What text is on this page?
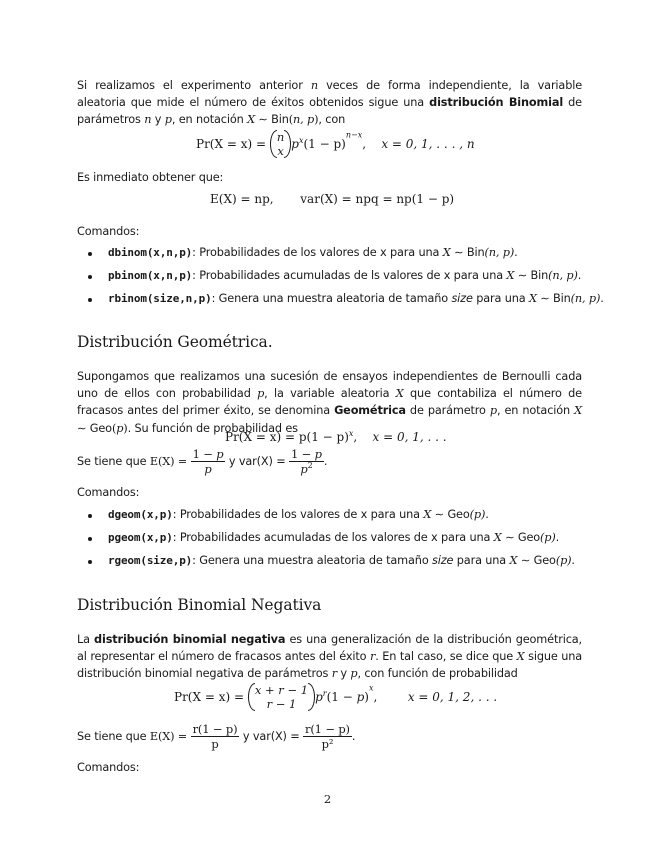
Si realizamos el experimento anterior n veces de forma independiente, la variable aleatoria que mide el número de éxitos obtenidos sigue una distribución Binomial de parámetros n y p, en notación X ∼ Bin(n, p), con
Pr(X = x) = n
x $p^x(1 - p)^{n-x}$,    x = 0, 1, . . . , n
Es inmediato obtener que:
E(X) = np, var(X) = npq = np(1 − p)
Comandos:
dbinom(x,n,p): Probabilidades de los valores de x para una X ∼ Bin(n, p).
pbinom(x,n,p): Probabilidades acumuladas de ls valores de x para una X ∼ Bin(n, p).
rbinom(size,n,p): Genera una muestra aleatoria de tamaño size para una X ∼ Bin(n, p).
Distribución Geométrica.
Supongamos que realizamos una sucesión de ensayos independientes de Bernoulli cada uno de ellos con probabilidad p, la variable aleatoria X que contabiliza el número de fracasos antes del primer éxito, se denomina Geométrica de parámetro p, en notación X ∼ Geo(p). Su función de probabilidad es
$Pr(X = x) = p(1 - p)^x$,    x = 0, 1, . . .
Se tiene que $E(X) = \frac{1 - p}{p}$ y $var(X) = \frac{1 - p}{p^2}$ .
Comandos:
dgeom(x,p): Probabilidades de los valores de x para una X ∼ Geo(p).
pgeom(x,p): Probabilidades acumuladas de los valores de x para una X ∼ Geo(p).
rgeom(size,p): Genera una muestra aleatoria de tamaño size para una X ∼ Geo(p).
Distribución Binomial Negativa
La distribución binomial negativa es una generalización de la distribución geométrica, al representar el número de fracasos antes del éxito r. En tal caso, se dice que X sigue una distribución binomial negativa de parámetros r y p, con función de probabilidad
Pr(X = x) = x + r − 1
r − 1	$p^r(1 - p)^x$,        x = 0, 1, 2, . . .
Se tiene que $E(X) = \frac{r(1 - p)}{p}$ y $var(X) = \frac{r(1 - p)}{\text{p²}}$ .
Comandos:
2
